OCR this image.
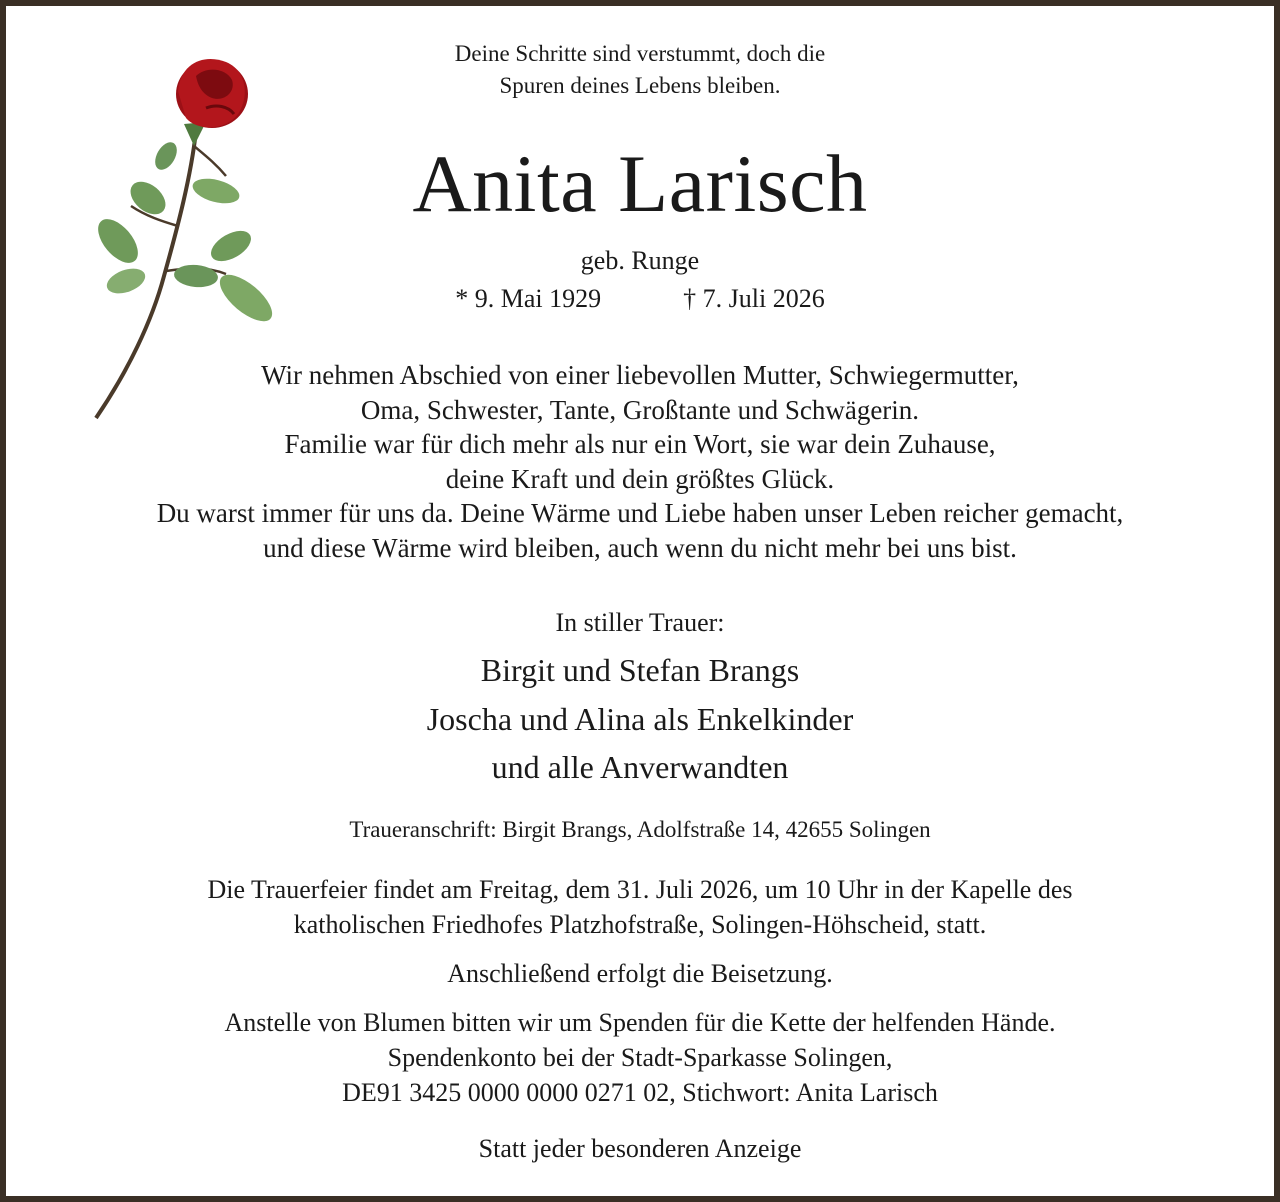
Deine Schritte sind verstummt, doch die
Spuren deines Lebens bleiben.
Anita Larisch
geb. Runge
* 9. Mai 1929	† 7. Juli 2026
Wir nehmen Abschied von einer liebevollen Mutter, Schwiegermutter,
Oma, Schwester, Tante, Großtante und Schwägerin.
Familie war für dich mehr als nur ein Wort, sie war dein Zuhause,
deine Kraft und dein größtes Glück.
Du warst immer für uns da. Deine Wärme und Liebe haben unser Leben reicher gemacht,
und diese Wärme wird bleiben, auch wenn du nicht mehr bei uns bist.
In stiller Trauer:
Birgit und Stefan Brangs
Joscha und Alina als Enkelkinder
und alle Anverwandten
Traueranschrift: Birgit Brangs, Adolfstraße 14, 42655 Solingen

Die Trauerfeier findet am Freitag, dem 31. Juli 2026, um 10 Uhr in der Kapelle des
katholischen Friedhofes Platzhofstraße, Solingen-Höhscheid, statt.

Anschließend erfolgt die Beisetzung.

Anstelle von Blumen bitten wir um Spenden für die Kette der helfenden Hände.
Spendenkonto bei der Stadt-Sparkasse Solingen,
DE91 3425 0000 0000 0271 02, Stichwort: Anita Larisch

Statt jeder besonderen Anzeige
